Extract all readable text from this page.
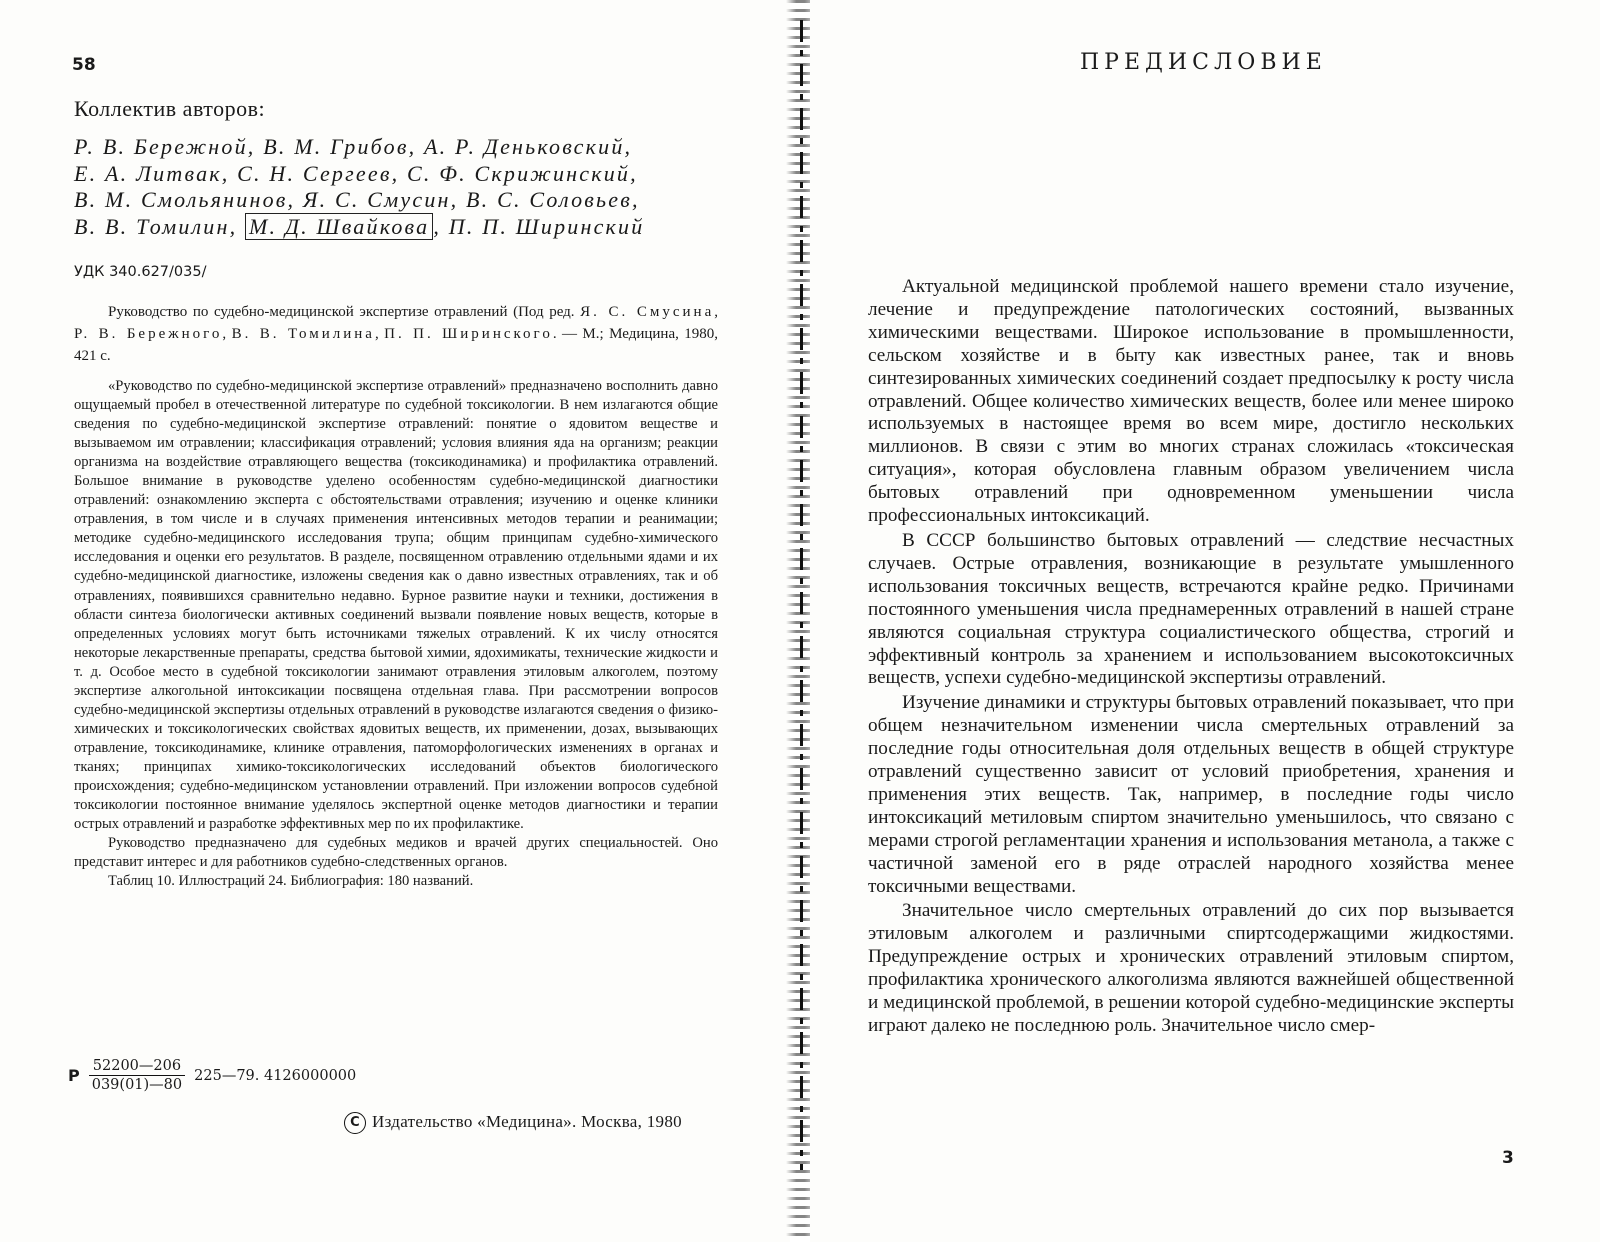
58
Коллектив авторов:
Р. В. Бережной, В. М. Грибов, А. Р. Деньковский,
Е. А. Литвак, С. Н. Сергеев, С. Ф. Скрижинский,
В. М. Смольянинов, Я. С. Смусин, В. С. Соловьев,
В. В. Томилин, М. Д. Швайкова , П. П. Ширинский
УДК 340.627/035/

Руководство по судебно-медицинской экспертизе отравлений (Под ред. Я. С. Смусина, Р. В. Бережного, В. В. Томилина, П. П. Ширинского. — М.; Медицина, 1980, 421 с.

«Руководство по судебно-медицинской экспертизе отравлений» предназначено восполнить давно ощущаемый пробел в отечественной литературе по судебной токсикологии. В нем излагаются общие сведения по судебно-медицинской экспертизе отравлений: понятие о ядовитом веществе и вызываемом им отравлении; классификация отравлений; условия влияния яда на организм; реакции организма на воздействие отравляющего вещества (токсикодинамика) и профилактика отравлений. Большое внимание в руководстве уделено особенностям судебно-медицинской диагностики отравлений: ознакомлению эксперта с обстоятельствами отравления; изучению и оценке клиники отравления, в том числе и в случаях применения интенсивных методов терапии и реанимации; методике судебно-медицинского исследования трупа; общим принципам судебно-химического исследования и оценки его результатов. В разделе, посвященном отравлению отдельными ядами и их судебно-медицинской диагностике, изложены сведения как о давно известных отравлениях, так и об отравлениях, появившихся сравнительно недавно. Бурное развитие науки и техники, достижения в области синтеза биологически активных соединений вызвали появление новых веществ, которые в определенных условиях могут быть источниками тяжелых отравлений. К их числу относятся некоторые лекарственные препараты, средства бытовой химии, ядохимикаты, технические жидкости и т. д. Особое место в судебной токсикологии занимают отравления этиловым алкоголем, поэтому экспертизе алкогольной интоксикации посвящена отдельная глава. При рассмотрении вопросов судебно-медицинской экспертизы отдельных отравлений в руководстве излагаются сведения о физико-химических и токсикологических свойствах ядовитых веществ, их применении, дозах, вызывающих отравление, токсикодинамике, клинике отравления, патоморфологических изменениях в органах и тканях; принципах химико-токсикологических исследований объектов биологического происхождения; судебно-медицинском установлении отравлений. При изложении вопросов судебной токсикологии постоянное внимание уделялось экспертной оценке методов диагностики и терапии острых отравлений и разработке эффективных мер по их профилактике.

Руководство предназначено для судебных медиков и врачей других специальностей. Оно представит интерес и для работников судебно-следственных органов.

Таблиц 10. Иллюстраций 24. Библиография: 180 названий.

Р $\frac{52200—206}{039(01)—80}$ 225—79. 4126000000
C Издательство «Медицина». Москва, 1980
ПРЕДИСЛОВИЕ

Актуальной медицинской проблемой нашего времени стало изучение, лечение и предупреждение патологических состояний, вызванных химическими веществами. Широкое использование в промышленности, сельском хозяйстве и в быту как известных ранее, так и вновь синтезированных химических соединений создает предпосылку к росту числа отравлений. Общее количество химических веществ, более или менее широко используемых в настоящее время во всем мире, достигло нескольких миллионов. В связи с этим во многих странах сложилась «токсическая ситуация», которая обусловлена главным образом увеличением числа бытовых отравлений при одновременном уменьшении числа профессиональных интоксикаций.

В СССР большинство бытовых отравлений — следствие несчастных случаев. Острые отравления, возникающие в результате умышленного использования токсичных веществ, встречаются крайне редко. Причинами постоянного уменьшения числа преднамеренных отравлений в нашей стране являются социальная структура социалистического общества, строгий и эффективный контроль за хранением и использованием высокотоксичных веществ, успехи судебно-медицинской экспертизы отравлений.

Изучение динамики и структуры бытовых отравлений показывает, что при общем незначительном изменении числа смертельных отравлений за последние годы относительная доля отдельных веществ в общей структуре отравлений существенно зависит от условий приобретения, хранения и применения этих веществ. Так, например, в последние годы число интоксикаций метиловым спиртом значительно уменьшилось, что связано с мерами строгой регламентации хранения и использования метанола, а также с частичной заменой его в ряде отраслей народного хозяйства менее токсичными веществами.

Значительное число смертельных отравлений до сих пор вызывается этиловым алкоголем и различными спиртсодержащими жидкостями. Предупреждение острых и хронических отравлений этиловым спиртом, профилактика хронического алкоголизма являются важнейшей общественной и медицинской проблемой, в решении которой судебно-медицинские эксперты играют далеко не последнюю роль. Значительное число смер-

3
